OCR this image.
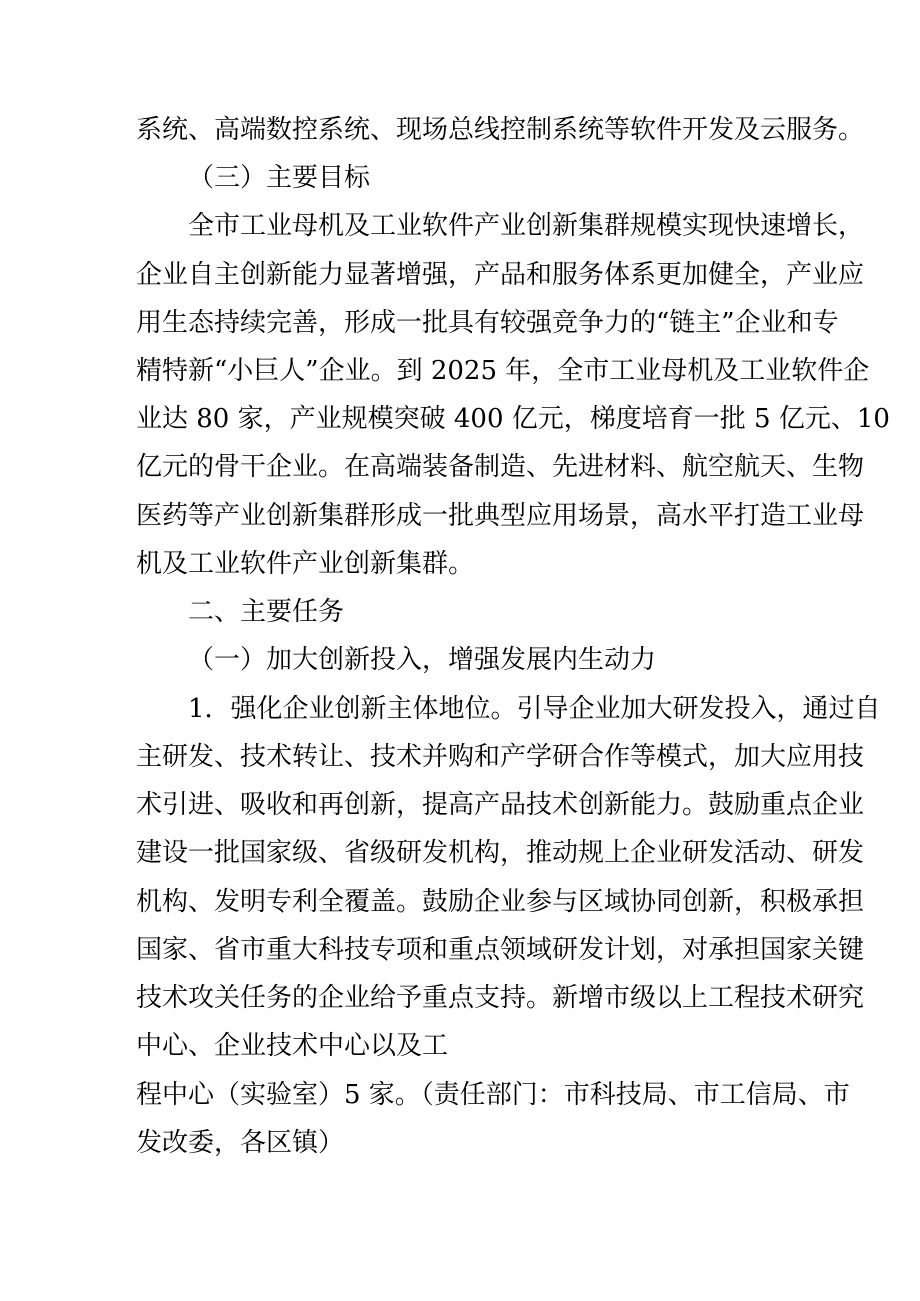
系统、高端数控系统、现场总线控制系统等软件开发及云服务。
（三）主要目标
全市工业母机及工业软件产业创新集群规模实现快速增长，
企业自主创新能力显著增强，产品和服务体系更加健全，产业应
用生态持续完善，形成一批具有较强竞争力的“链主”企业和专
精特新“小巨人”企业。到 2025 年，全市工业母机及工业软件企
业达 80 家，产业规模突破 400 亿元，梯度培育一批 5 亿元、10
亿元的骨干企业。在高端装备制造、先进材料、航空航天、生物
医药等产业创新集群形成一批典型应用场景，高水平打造工业母
机及工业软件产业创新集群。
二、主要任务
（一）加大创新投入，增强发展内生动力
1．强化企业创新主体地位。引导企业加大研发投入，通过自
主研发、技术转让、技术并购和产学研合作等模式，加大应用技
术引进、吸收和再创新，提高产品技术创新能力。鼓励重点企业
建设一批国家级、省级研发机构，推动规上企业研发活动、研发
机构、发明专利全覆盖。鼓励企业参与区域协同创新，积极承担
国家、省市重大科技专项和重点领域研发计划，对承担国家关键
技术攻关任务的企业给予重点支持。新增市级以上工程技术研究
中心、企业技术中心以及工
程中心（实验室）5 家。（责任部门：市科技局、市工信局、市
发改委，各区镇）
